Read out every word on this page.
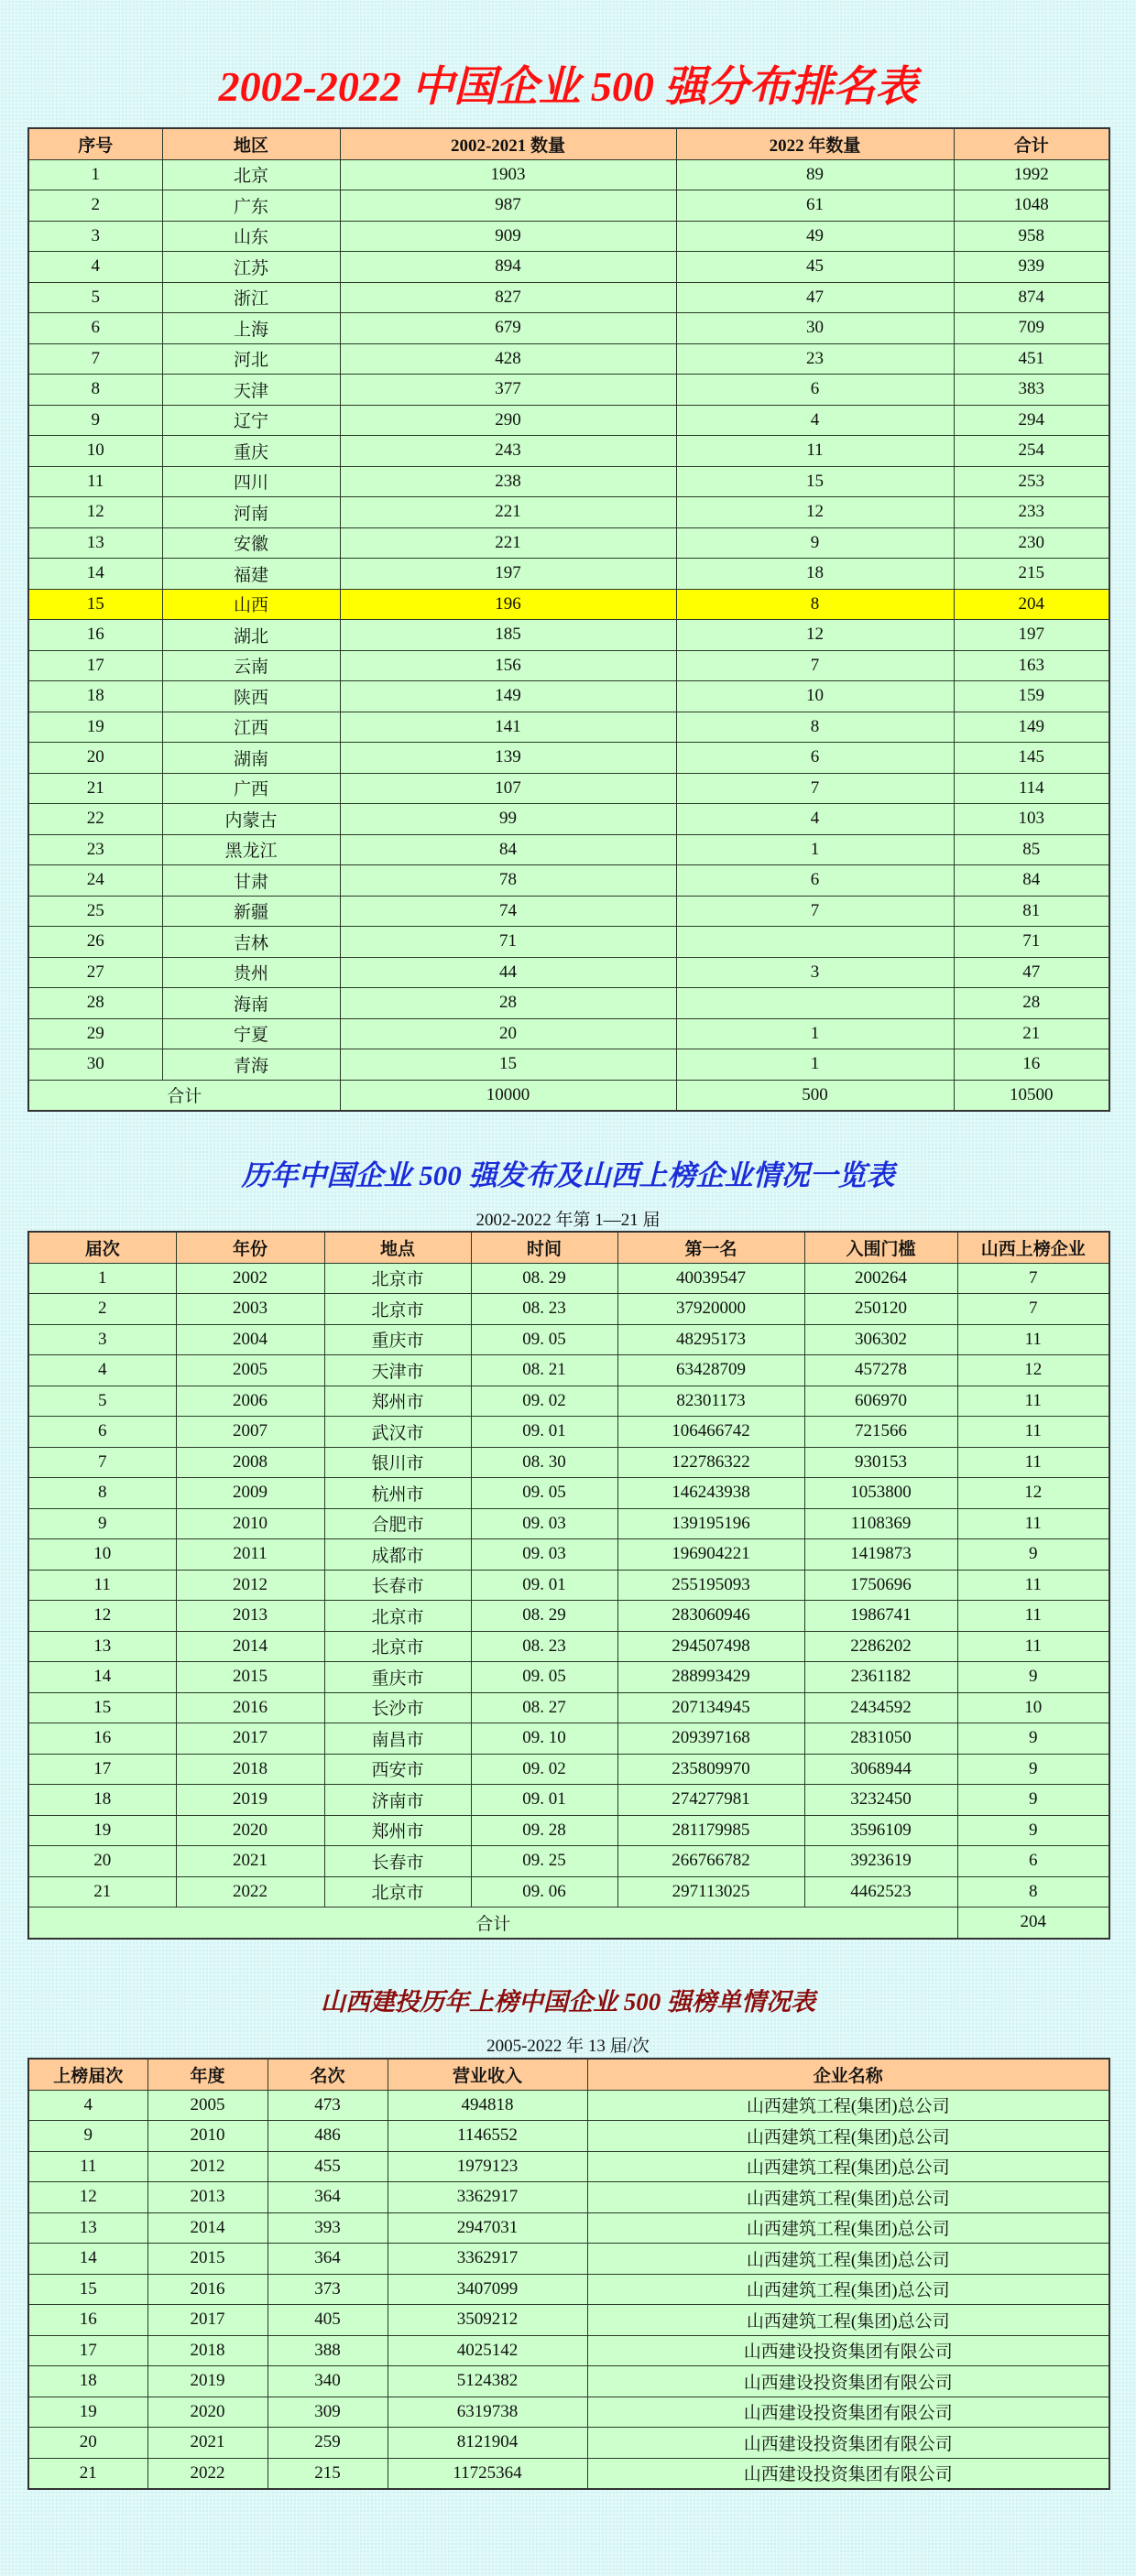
2002-2022 中国企业 500 强分布排名表
序号	地区	2002-2021 数量	2022 年数量	合计
1	北京	1903	89	1992
2	广东	987	61	1048
3	山东	909	49	958
4	江苏	894	45	939
5	浙江	827	47	874
6	上海	679	30	709
7	河北	428	23	451
8	天津	377	6	383
9	辽宁	290	4	294
10	重庆	243	11	254
11	四川	238	15	253
12	河南	221	12	233
13	安徽	221	9	230
14	福建	197	18	215
15	山西	196	8	204
16	湖北	185	12	197
17	云南	156	7	163
18	陕西	149	10	159
19	江西	141	8	149
20	湖南	139	6	145
21	广西	107	7	114
22	内蒙古	99	4	103
23	黑龙江	84	1	85
24	甘肃	78	6	84
25	新疆	74	7	81
26	吉林	71		71
27	贵州	44	3	47
28	海南	28		28
29	宁夏	20	1	21
30	青海	15	1	16
合计		10000	500	10500
历年中国企业 500 强发布及山西上榜企业情况一览表
2002-2022 年第 1—21 届
届次	年份	地点	时间	第一名	入围门槛	山西上榜企业
1	2002	北京市	08. 29	40039547	200264	7
2	2003	北京市	08. 23	37920000	250120	7
3	2004	重庆市	09. 05	48295173	306302	11
4	2005	天津市	08. 21	63428709	457278	12
5	2006	郑州市	09. 02	82301173	606970	11
6	2007	武汉市	09. 01	106466742	721566	11
7	2008	银川市	08. 30	122786322	930153	11
8	2009	杭州市	09. 05	146243938	1053800	12
9	2010	合肥市	09. 03	139195196	1108369	11
10	2011	成都市	09. 03	196904221	1419873	9
11	2012	长春市	09. 01	255195093	1750696	11
12	2013	北京市	08. 29	283060946	1986741	11
13	2014	北京市	08. 23	294507498	2286202	11
14	2015	重庆市	09. 05	288993429	2361182	9
15	2016	长沙市	08. 27	207134945	2434592	10
16	2017	南昌市	09. 10	209397168	2831050	9
17	2018	西安市	09. 02	235809970	3068944	9
18	2019	济南市	09. 01	274277981	3232450	9
19	2020	郑州市	09. 28	281179985	3596109	9
20	2021	长春市	09. 25	266766782	3923619	6
21	2022	北京市	09. 06	297113025	4462523	8
合计						204
山西建投历年上榜中国企业 500 强榜单情况表
2005-2022 年 13 届/次
上榜届次	年度	名次	营业收入	企业名称
4	2005	473	494818	山西建筑工程(集团)总公司
9	2010	486	1146552	山西建筑工程(集团)总公司
11	2012	455	1979123	山西建筑工程(集团)总公司
12	2013	364	3362917	山西建筑工程(集团)总公司
13	2014	393	2947031	山西建筑工程(集团)总公司
14	2015	364	3362917	山西建筑工程(集团)总公司
15	2016	373	3407099	山西建筑工程(集团)总公司
16	2017	405	3509212	山西建筑工程(集团)总公司
17	2018	388	4025142	山西建设投资集团有限公司
18	2019	340	5124382	山西建设投资集团有限公司
19	2020	309	6319738	山西建设投资集团有限公司
20	2021	259	8121904	山西建设投资集团有限公司
21	2022	215	11725364	山西建设投资集团有限公司
